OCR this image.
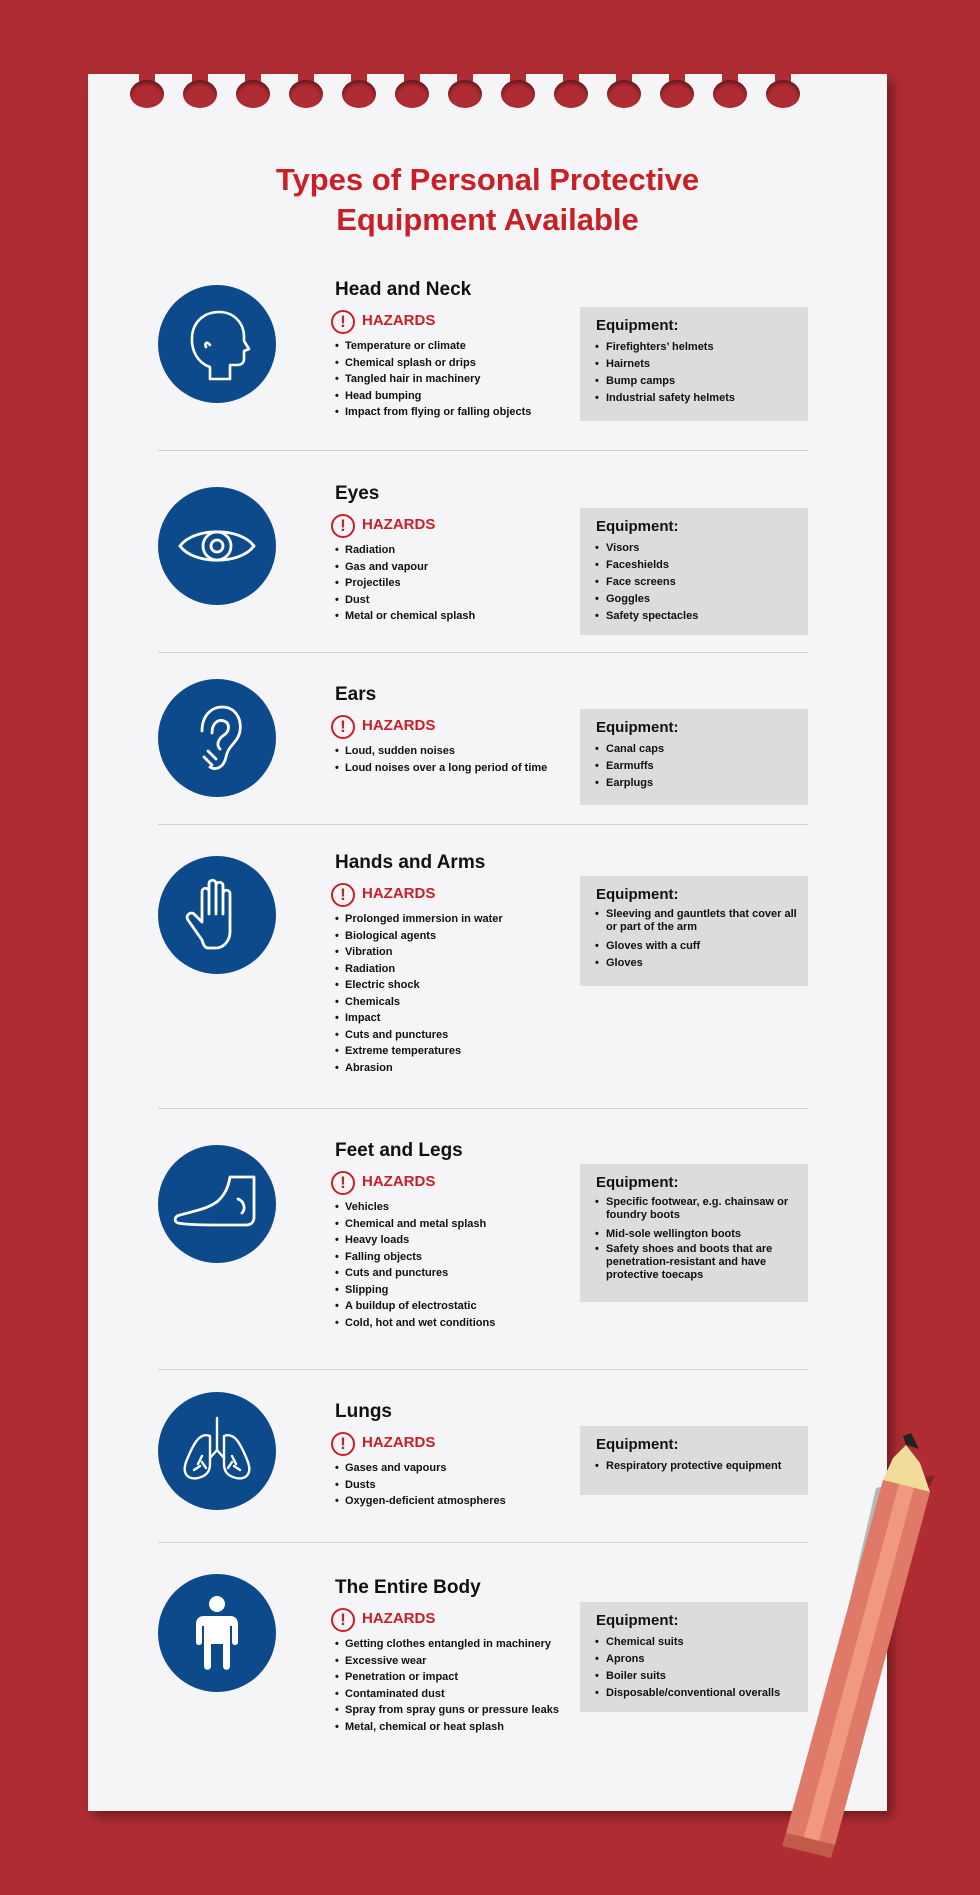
Types of Personal Protective
Equipment Available
Head and Neck
!	HAZARDS
• Temperature or climate
• Chemical splash or drips
• Tangled hair in machinery
• Head bumping
• Impact from flying or falling objects
Equipment:
• Firefighters’ helmets
• Hairnets
• Bump camps
• Industrial safety helmets
Eyes
!	HAZARDS
• Radiation
• Gas and vapour
• Projectiles
• Dust
• Metal or chemical splash
Equipment:
• Visors
• Faceshields
• Face screens
• Goggles
• Safety spectacles
Ears
!	HAZARDS
• Loud, sudden noises
• Loud noises over a long period of time
Equipment:
• Canal caps
• Earmuffs
• Earplugs
Hands and Arms
!	HAZARDS
• Prolonged immersion in water
• Biological agents
• Vibration
• Radiation
• Electric shock
• Chemicals
• Impact
• Cuts and punctures
• Extreme temperatures
• Abrasion
Equipment:
• Sleeving and gauntlets that cover all or part of the arm
• Gloves with a cuff
• Gloves
Feet and Legs
!	HAZARDS
• Vehicles
• Chemical and metal splash
• Heavy loads
• Falling objects
• Cuts and punctures
• Slipping
• A buildup of electrostatic
• Cold, hot and wet conditions
Equipment:
• Specific footwear, e.g. chainsaw or foundry boots
• Mid-sole wellington boots
• Safety shoes and boots that are penetration-resistant and have protective toecaps
Lungs
!	HAZARDS
• Gases and vapours
• Dusts
• Oxygen-deficient atmospheres
Equipment:
• Respiratory protective equipment
The Entire Body
!	HAZARDS
• Getting clothes entangled in machinery
• Excessive wear
• Penetration or impact
• Contaminated dust
• Spray from spray guns or pressure leaks
• Metal, chemical or heat splash
Equipment:
• Chemical suits
• Aprons
• Boiler suits
• Disposable/conventional overalls
